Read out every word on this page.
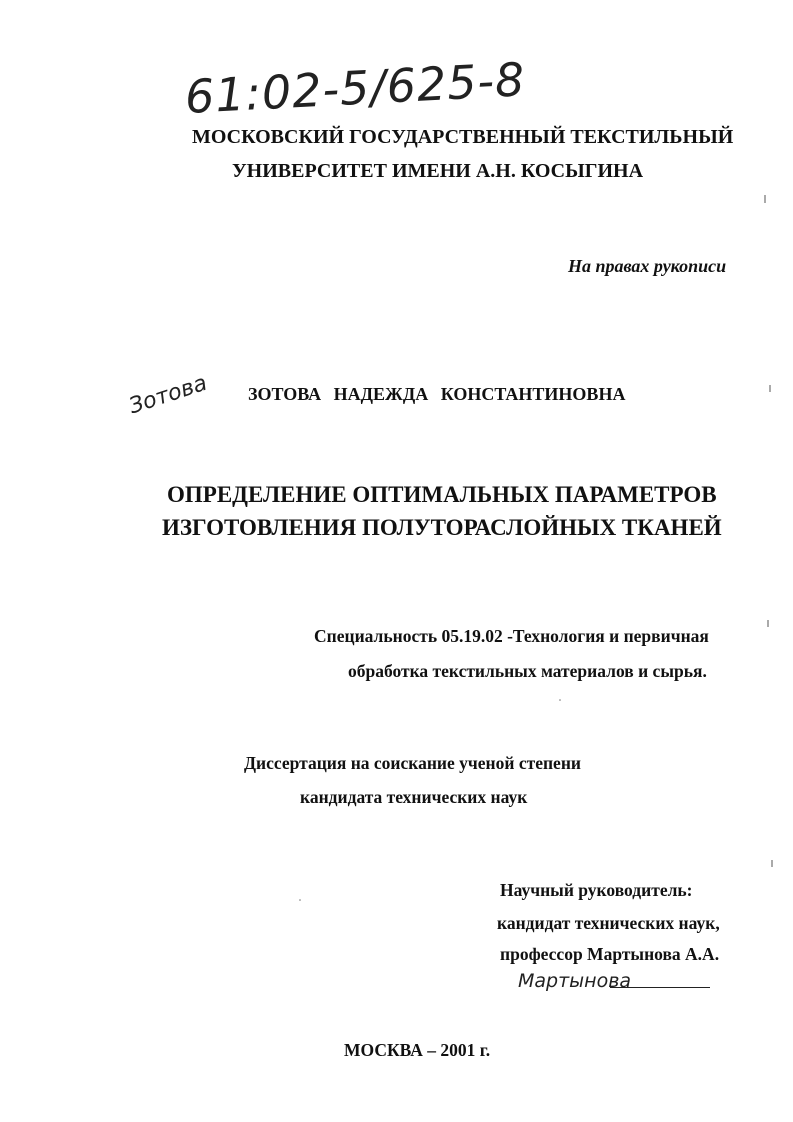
61:02-5/625-8
МОСКОВСКИЙ ГОСУДАРСТВЕННЫЙ ТЕКСТИЛЬНЫЙ
УНИВЕРСИТЕТ ИМЕНИ А.Н. КОСЫГИНА
На правах рукописи
Зотова ЗОТОВА НАДЕЖДА КОНСТАНТИНОВНА
ОПРЕДЕЛЕНИЕ ОПТИМАЛЬНЫХ ПАРАМЕТРОВ
ИЗГОТОВЛЕНИЯ ПОЛУТОРАСЛОЙНЫХ ТКАНЕЙ
Специальность 05.19.02 -Технология и первичная
обработка текстильных материалов и сырья.
Диссертация на соискание ученой степени
кандидата технических наук
Научный руководитель:
кандидат технических наук,
профессор Мартынова А.А.
Мартынова
МОСКВА – 2001 г.
